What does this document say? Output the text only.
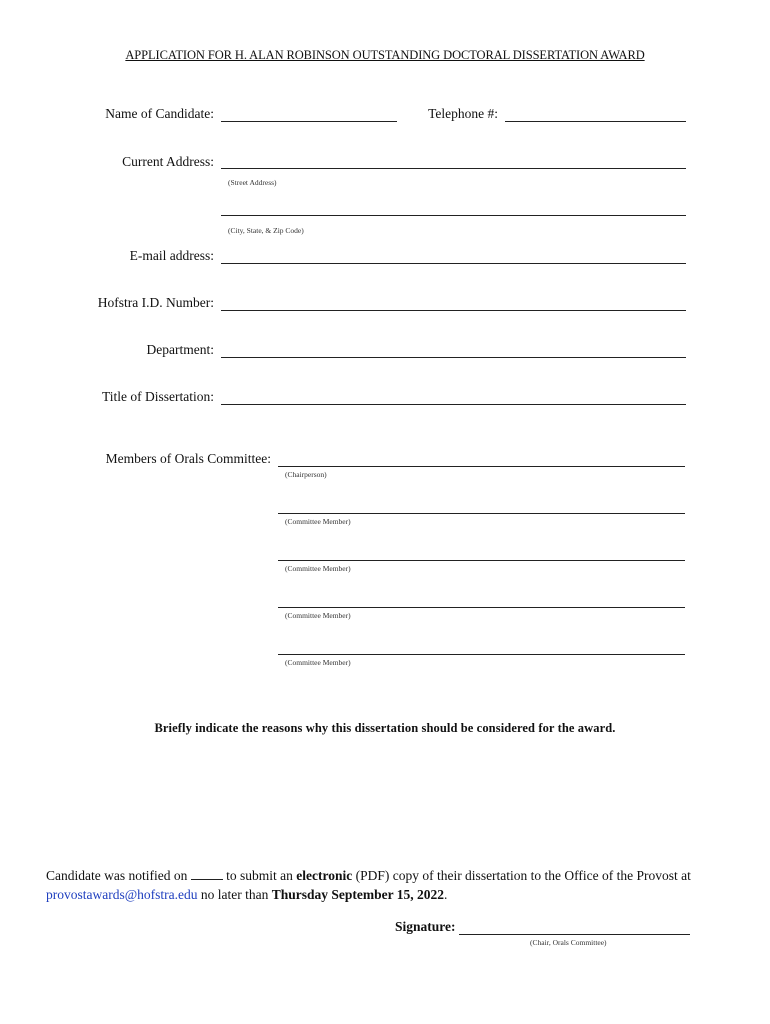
APPLICATION FOR H. ALAN ROBINSON OUTSTANDING DOCTORAL DISSERTATION AWARD
Name of Candidate:	Telephone #:
Current Address:
(Street Address)
(City, State, & Zip Code)
E-mail address:
Hofstra I.D. Number:
Department:
Title of Dissertation:
Members of Orals Committee:
(Chairperson)
(Committee Member)
(Committee Member)
(Committee Member)
(Committee Member)
Briefly indicate the reasons why this dissertation should be considered for the award.
Candidate was notified on	to submit an electronic (PDF) copy of their dissertation to the Office of the Provost at provostawards@hofstra.edu no later than Thursday September 15, 2022.
Signature:
(Chair, Orals Committee)
